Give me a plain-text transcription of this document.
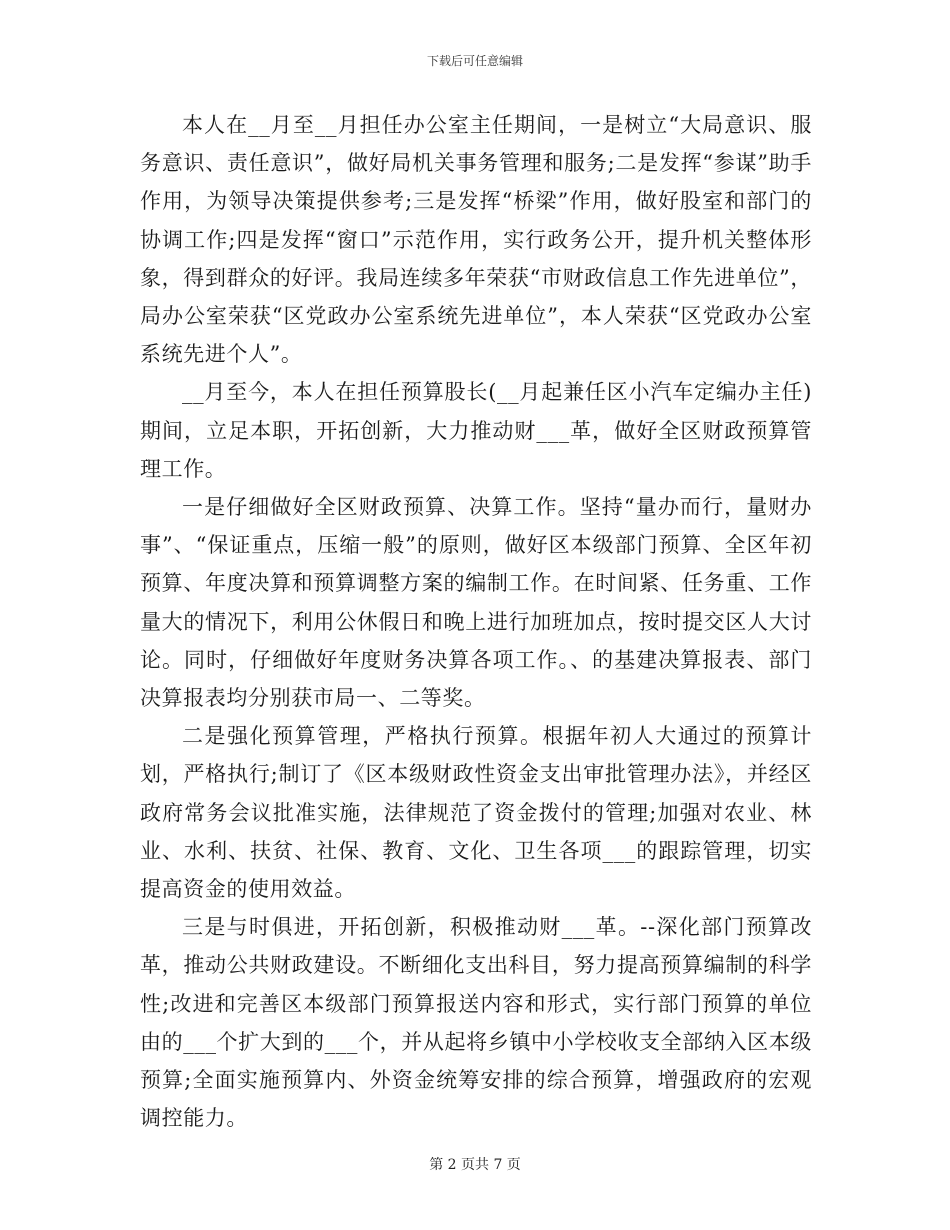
下载后可任意编辑

本人在__月至__月担任办公室主任期间，一是树立“大局意识、服务意识、责任意识”，做好局机关事务管理和服务;二是发挥“参谋”助手作用，为领导决策提供参考;三是发挥“桥梁”作用，做好股室和部门的协调工作;四是发挥“窗口”示范作用，实行政务公开，提升机关整体形象，得到群众的好评。我局连续多年荣获“市财政信息工作先进单位”，局办公室荣获“区党政办公室系统先进单位”，本人荣获“区党政办公室系统先进个人”。

__月至今，本人在担任预算股长(__月起兼任区小汽车定编办主任)期间，立足本职，开拓创新，大力推动财___革，做好全区财政预算管理工作。

一是仔细做好全区财政预算、决算工作。坚持“量办而行，量财办事”、“保证重点，压缩一般”的原则，做好区本级部门预算、全区年初预算、年度决算和预算调整方案的编制工作。在时间紧、任务重、工作量大的情况下，利用公休假日和晚上进行加班加点，按时提交区人大讨论。同时，仔细做好年度财务决算各项工作。、的基建决算报表、部门决算报表均分别获市局一、二等奖。

二是强化预算管理，严格执行预算。根据年初人大通过的预算计划，严格执行;制订了《区本级财政性资金支出审批管理办法》，并经区政府常务会议批准实施，法律规范了资金拨付的管理;加强对农业、林业、水利、扶贫、社保、教育、文化、卫生各项___的跟踪管理，切实提高资金的使用效益。

三是与时俱进，开拓创新，积极推动财___革。--深化部门预算改革，推动公共财政建设。不断细化支出科目，努力提高预算编制的科学性;改进和完善区本级部门预算报送内容和形式，实行部门预算的单位由的___个扩大到的___个，并从起将乡镇中小学校收支全部纳入区本级预算;全面实施预算内、外资金统筹安排的综合预算，增强政府的宏观调控能力。

第 2 页共 7 页
